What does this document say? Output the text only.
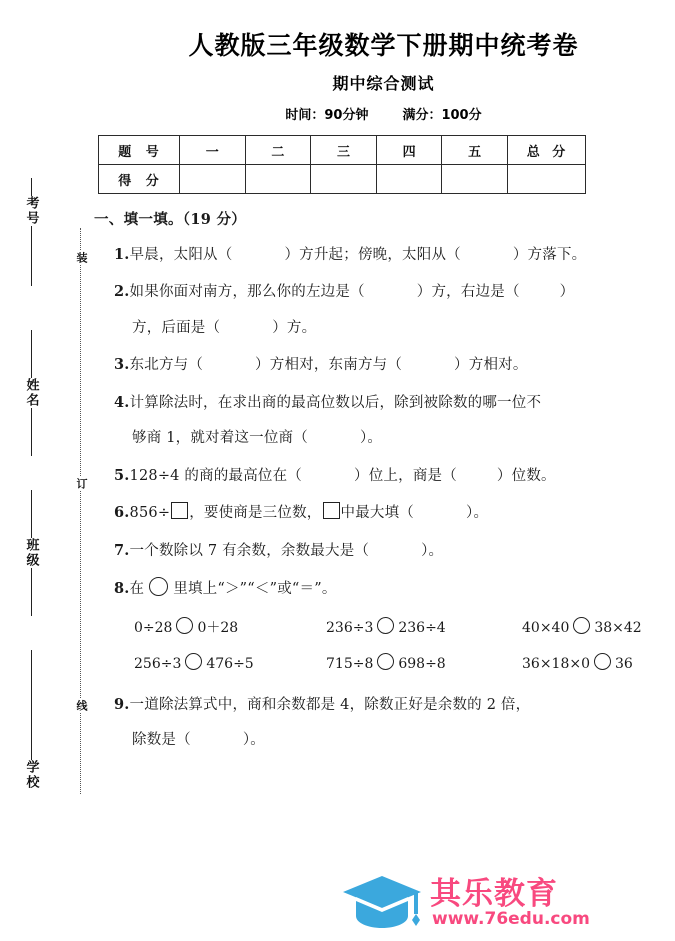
考号
姓名
班级
学校
装
订
线
人教版三年级数学下册期中统考卷
期中综合测试
时间：90分钟	满分：100分
题 号	一	二	三	四	五	总 分
得 分						
一、填一填。（19 分）
1.早晨，太阳从（	）方升起；傍晚，太阳从（	）方落下。
2.如果你面对南方，那么你的左边是（	）方，右边是（	）
方，后面是（	）方。
3.东北方与（	）方相对，东南方与（	）方相对。
4.计算除法时，在求出商的最高位数以后，除到被除数的哪一位不
够商 1，就对着这一位商（	）。
5.128÷4 的商的最高位在（	）位上，商是（	）位数。
6.856÷ ，要使商是三位数， 中最大填（	）。
7.一个数除以 7 有余数，余数最大是（	）。
8.在 里填上“＞”“＜”或“＝”。
0÷28 0＋28	236÷3 236÷4	40×40 38×42
256÷3 476÷5	715÷8 698÷8	36×18×0 36
9.一道除法算式中，商和余数都是 4，除数正好是余数的 2 倍，
除数是（	）。
其乐教育
www.76edu.com
